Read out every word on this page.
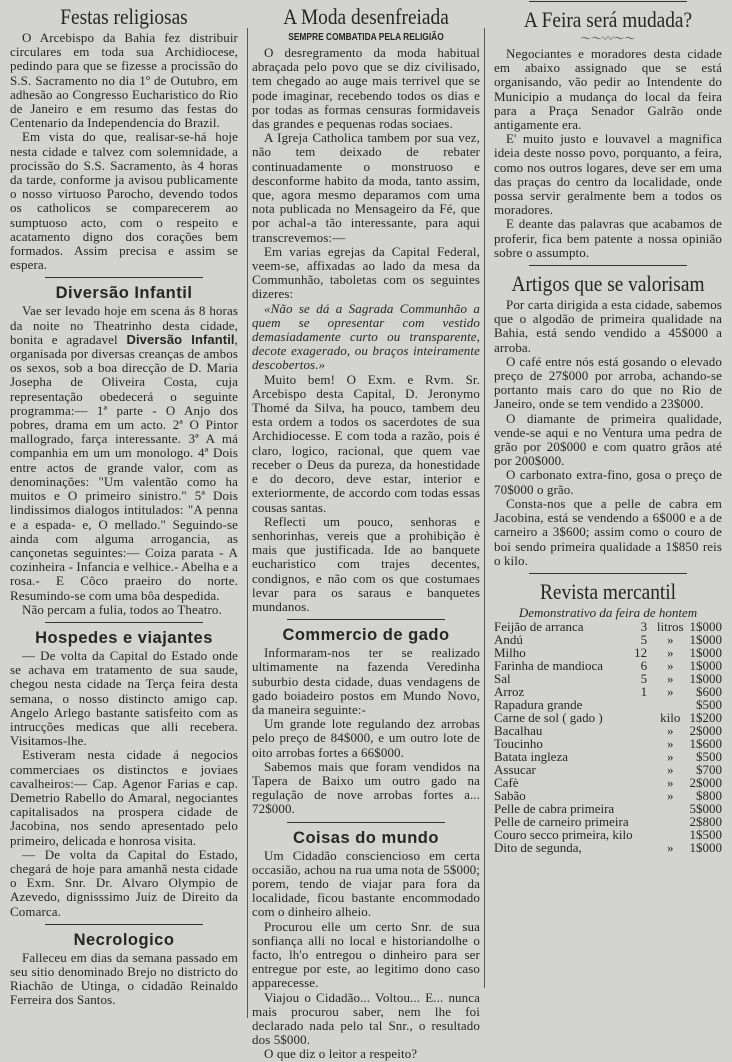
Festas religiosas

O Arcebispo da Bahia fez distribuir circulares em toda sua Archidiocese, pedindo para que se fizesse a procissão do S.S. Sacramento no dia 1º de Outubro, em adhesão ao Congresso Eucharistico do Rio de Janeiro e em resumo das festas do Centenario da Independencia do Brazil.

Em vista do que, realisar-se-há hoje nesta cidade e talvez com solemnidade, a procissão do S.S. Sacramento, às 4 horas da tarde, conforme ja avisou publicamente o nosso virtuoso Parocho, devendo todos os catholicos se comparecerem ao sumptuoso acto, com o respeito e acatamento digno dos corações bem formados. Assim precisa e assim se espera.

Diversão Infantil

Vae ser levado hoje em scena ás 8 horas da noite no Theatrinho desta cidade, bonita e agradavel Diversão Infantil, organisada por diversas creanças de ambos os sexos, sob a boa direcção de D. Maria Josepha de Oliveira Costa, cuja representação obedecerá o seguinte programma:— 1ª parte - O Anjo dos pobres, drama em um acto. 2ª O Pintor mallogrado, farça interessante. 3ª A má companhia em um um monologo. 4ª Dois entre actos de grande valor, com as denominações: "Um valentão como ha muitos e O primeiro sinistro." 5ª Dois lindissimos dialogos intitulados: "A penna e a espada- e, O mellado." Seguindo-se ainda com alguma arrogancia, as cançonetas seguintes:— Coiza parata - A cozinheira - Infancia e velhice.- Abelha e a rosa.- E Côco praeiro do norte. Resumindo-se com uma bôa despedida.

Não percam a fulia, todos ao Theatro.

Hospedes e viajantes

— De volta da Capital do Estado onde se achava em tratamento de sua saude, chegou nesta cidade na Terça feira desta semana, o nosso distincto amigo cap. Angelo Arlego bastante satisfeito com as intrucções medicas que alli recebera. Visitamos-lhe.

Estiveram nesta cidade á negocios commerciaes os distinctos e joviaes cavalheiros:— Cap. Agenor Farias e cap. Demetrio Rabello do Amaral, negociantes capitalisados na prospera cidade de Jacobina, nos sendo apresentado pelo primeiro, delicada e honrosa visita.

— De volta da Capital do Estado, chegará de hoje para amanhã nesta cidade o Exm. Snr. Dr. Alvaro Olympio de Azevedo, dignisssimo Juiz de Direito da Comarca.

Necrologico

Falleceu em dias da semana passado em seu sitio denominado Brejo no districto do Riachão de Utinga, o cidadão Reinaldo Ferreira dos Santos.

A Moda desenfreiada
SEMPRE COMBATIDA PELA RELIGIÃO

O desregramento da moda habitual abraçada pelo povo que se diz civilisado, tem chegado ao auge mais terrivel que se pode imaginar, recebendo todos os dias e por todas as formas censuras formidaveis das grandes e pequenas rodas sociaes.

A Igreja Catholica tambem por sua vez, não tem deixado de rebater continuadamente o monstruoso e desconforme habito da moda, tanto assim, que, agora mesmo deparamos com uma nota publicada no Mensageiro da Fé, que por achal-a tão interessante, para aqui transcrevemos:—

Em varias egrejas da Capital Federal, veem-se, affixadas ao lado da mesa da Communhão, taboletas com os seguintes dizeres:

«Não se dá a Sagrada Communhão a quem se opresentar com vestido demasiadamente curto ou transparente, decote exagerado, ou braços inteiramente descobertos.»

Muito bem! O Exm. e Rvm. Sr. Arcebispo desta Capital, D. Jeronymo Thomé da Silva, ha pouco, tambem deu esta ordem a todos os sacerdotes de sua Archidiocesse. E com toda a razão, pois é claro, logico, racional, que quem vae receber o Deus da pureza, da honestidade e do decoro, deve estar, interior e exteriormente, de accordo com todas essas cousas santas.

Reflecti um pouco, senhoras e senhorinhas, vereis que a prohibição è mais que justificada. Ide ao banquete eucharistico com trajes decentes, condignos, e não com os que costumaes levar para os saraus e banquetes mundanos.

Commercio de gado

Informaram-nos ter se realizado ultimamente na fazenda Veredinha suburbio desta cidade, duas vendagens de gado boiadeiro postos em Mundo Novo, da maneira seguinte:-

Um grande lote regulando dez arrobas pelo preço de 84$000, e um outro lote de oito arrobas fortes a 66$000.

Sabemos mais que foram vendidos na Tapera de Baixo um outro gado na regulação de nove arrobas fortes a... 72$000.

Coisas do mundo

Um Cidadão consciencioso em certa occasião, achou na rua uma nota de 5$000; porem, tendo de viajar para fora da localidade, ficou bastante encommodado com o dinheiro alheio.

Procurou elle um certo Snr. de sua sonfiança alli no local e historiandolhe o facto, lh'o entregou o dinheiro para ser entregue por este, ao legitimo dono caso apparecesse.

Viajou o Cidadão... Voltou... E... nunca mais procurou saber, nem lhe foi declarado nada pelo tal Snr., o resultado dos 5$000.

O que diz o leitor a respeito?

A Feira será mudada?
〜〜〰〜〜

Negociantes e moradores desta cidade em abaixo assignado que se está organisando, vão pedir ao Intendente do Municipio a mudança do local da feira para a Praça Senador Galrão onde antigamente era.

E' muito justo e louvavel a magnifica ideia deste nosso povo, porquanto, a feira, como nos outros logares, deve ser em uma das praças do centro da localidade, onde possa servir geralmente bem a todos os moradores.

E deante das palavras que acabamos de proferir, fica bem patente a nossa opinião sobre o assumpto.

Artigos que se valorisam

Por carta dirigida a esta cidade, sabemos que o algodão de primeira qualidade na Bahia, está sendo vendido a 45$000 a arroba.

O café entre nós está gosando o elevado preço de 27$000 por arroba, achando-se portanto mais caro do que no Rio de Janeiro, onde se tem vendido a 23$000.

O diamante de primeira qualidade, vende-se aqui e no Ventura uma pedra de grão por 20$000 e com quatro grãos até por 200$000.

O carbonato extra-fino, gosa o preço de 70$000 o grão.

Consta-nos que a pelle de cabra em Jacobina, está se vendendo a 6$000 e a de carneiro a 3$600; assim como o couro de boi sendo primeira qualidade a 1$850 reis o kilo.

Revista mercantil
Demonstrativo da feira de hontem
Feijão de arranca	3	litros	1$000
Andú	5	»	1$000
Milho	12	»	1$000
Farinha de mandioca	6	»	1$000
Sal	5	»	1$000
Arroz	1	»	$600
Rapadura grande			$500
Carne de sol ( gado )		kilo	1$200
Bacalhau		»	2$000
Toucinho		»	1$600
Batata ingleza		»	$500
Assucar		»	$700
Cafè		»	2$000
Sabão		»	$800
Pelle de cabra primeira			5$000
Pelle de carneiro primeira			2$800
Couro secco primeira, kilo			1$500
Dito de segunda,		»	1$000
